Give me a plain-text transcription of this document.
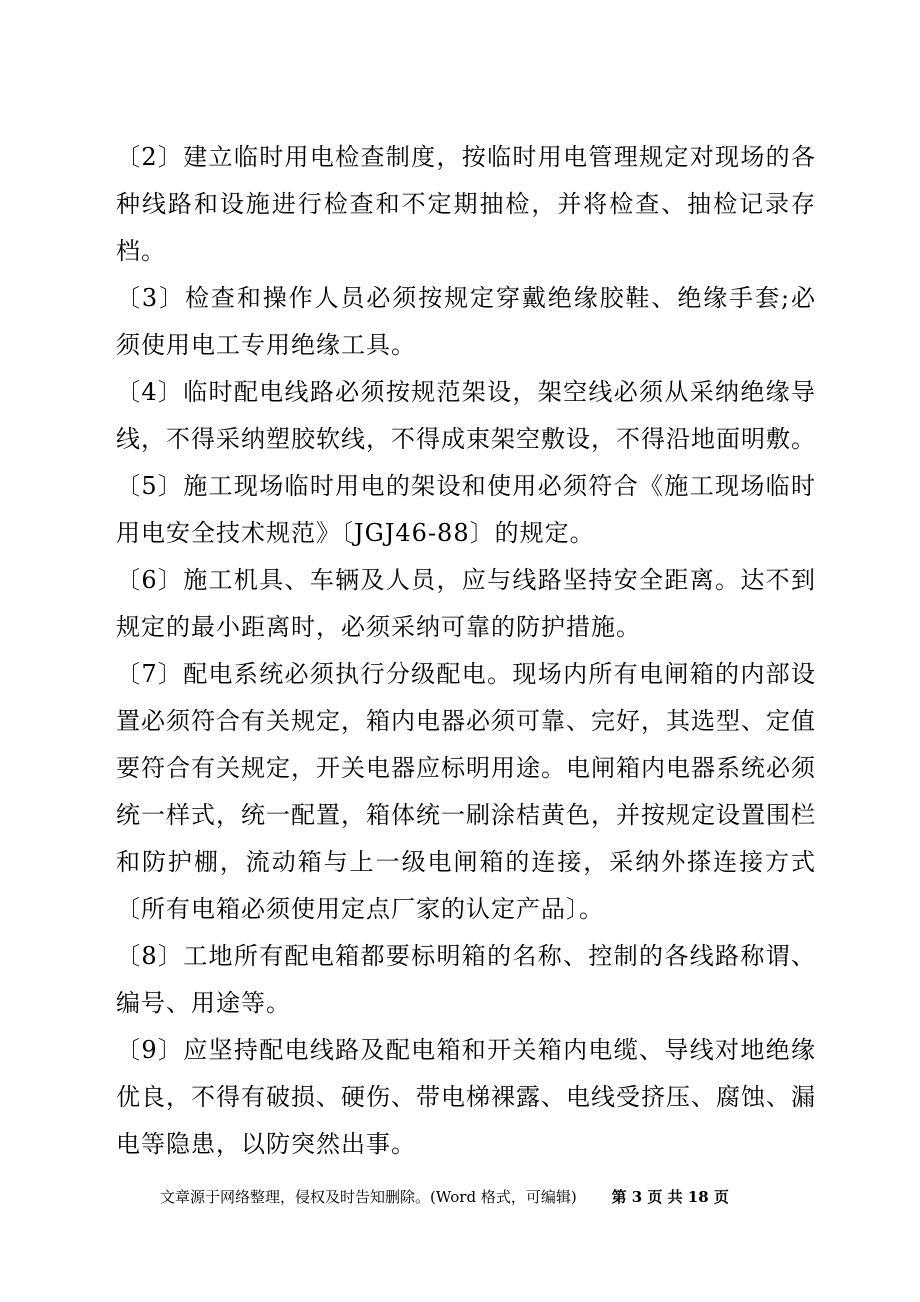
〔2〕建立临时用电检查制度，按临时用电管理规定对现场的各种线路和设施进行检查和不定期抽检，并将检查、抽检记录存档。

〔3〕检查和操作人员必须按规定穿戴绝缘胶鞋、绝缘手套;必须使用电工专用绝缘工具。

〔4〕临时配电线路必须按规范架设，架空线必须从采纳绝缘导线，不得采纳塑胶软线，不得成束架空敷设，不得沿地面明敷。

〔5〕施工现场临时用电的架设和使用必须符合《施工现场临时用电安全技术规范》〔JGJ46-88〕的规定。

〔6〕施工机具、车辆及人员，应与线路坚持安全距离。达不到规定的最小距离时，必须采纳可靠的防护措施。

〔7〕配电系统必须执行分级配电。现场内所有电闸箱的内部设置必须符合有关规定，箱内电器必须可靠、完好，其选型、定值要符合有关规定，开关电器应标明用途。电闸箱内电器系统必须统一样式，统一配置，箱体统一刷涂桔黄色，并按规定设置围栏和防护棚，流动箱与上一级电闸箱的连接，采纳外搽连接方式〔所有电箱必须使用定点厂家的认定产品〕。

〔8〕工地所有配电箱都要标明箱的名称、控制的各线路称谓、编号、用途等。

〔9〕应坚持配电线路及配电箱和开关箱内电缆、导线对地绝缘优良，不得有破损、硬伤、带电梯裸露、电线受挤压、腐蚀、漏电等隐患，以防突然出事。

文章源于网络整理，侵权及时告知删除。(Word 格式，可编辑) 第 3 页 共 18 页
